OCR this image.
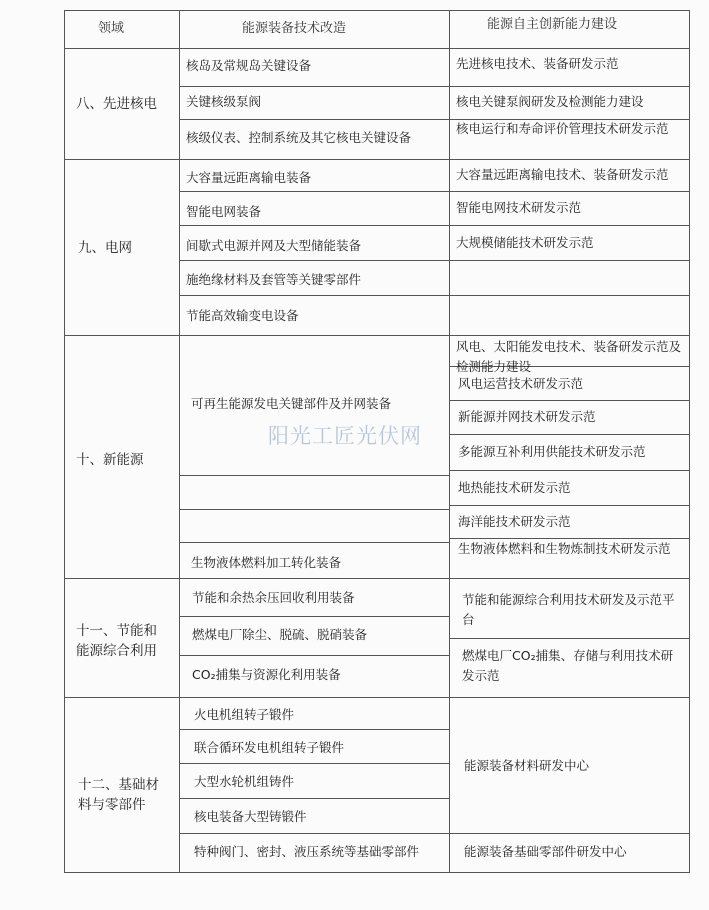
领域	能源装备技术改造	能源自主创新能力建设
八、先进核电
核岛及常规岛关键设备
关键核级泵阀
核级仪表、控制系统及其它核电关键设备
先进核电技术、装备研发示范
核电关键泵阀研发及检测能力建设
核电运行和寿命评价管理技术研发示范
九、电网
大容量远距离输电装备
智能电网装备
间歇式电源并网及大型储能装备
施绝缘材料及套管等关键零部件
节能高效输变电设备
大容量远距离输电技术、装备研发示范
智能电网技术研发示范
大规模储能技术研发示范
十、新能源
可再生能源发电关键部件及并网装备
生物液体燃料加工转化装备
风电、太阳能发电技术、装备研发示范及检测能力建设
风电运营技术研发示范
新能源并网技术研发示范
多能源互补利用供能技术研发示范
地热能技术研发示范
海洋能技术研发示范
生物液体燃料和生物炼制技术研发示范
十一、节能和
能源综合利用
节能和余热余压回收利用装备
燃煤电厂除尘、脱硫、脱硝装备
CO₂捕集与资源化利用装备
节能和能源综合利用技术研发及示范平台
燃煤电厂CO₂捕集、存储与利用技术研发示范
十二、基础材
料与零部件
火电机组转子锻件
联合循环发电机组转子锻件
大型水轮机组铸件
核电装备大型铸锻件
特种阀门、密封、液压系统等基础零部件
能源装备材料研发中心
能源装备基础零部件研发中心
阳光工匠光伏网
